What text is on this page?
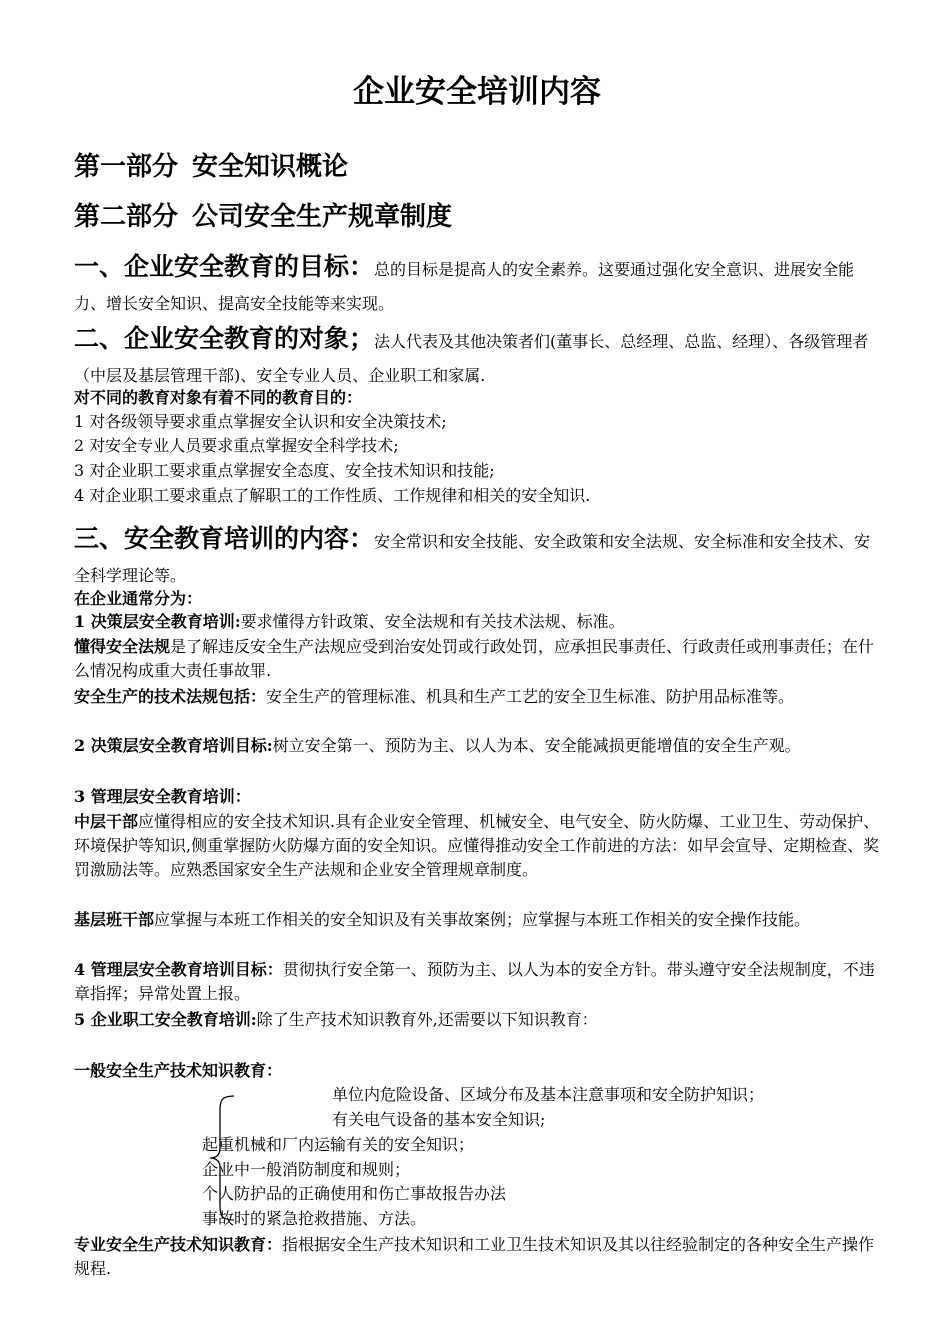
企业安全培训内容
第一部分 安全知识概论
第二部分 公司安全生产规章制度
一、企业安全教育的目标：总的目标是提高人的安全素养。这要通过强化安全意识、进展安全能力、增长安全知识、提高安全技能等来实现。
二、企业安全教育的对象；法人代表及其他决策者们(董事长、总经理、总监、经理）、各级管理者（中层及基层管理干部)、安全专业人员、企业职工和家属.
对不同的教育对象有着不同的教育目的：
1 对各级领导要求重点掌握安全认识和安全决策技术;
2 对安全专业人员要求重点掌握安全科学技术;
3 对企业职工要求重点掌握安全态度、安全技术知识和技能;
4 对企业职工要求重点了解职工的工作性质、工作规律和相关的安全知识.
三、安全教育培训的内容：安全常识和安全技能、安全政策和安全法规、安全标准和安全技术、安全科学理论等。
在企业通常分为：
1 决策层安全教育培训:要求懂得方针政策、安全法规和有关技术法规、标准。
懂得安全法规是了解违反安全生产法规应受到治安处罚或行政处罚，应承担民事责任、行政责任或刑事责任；在什么情况构成重大责任事故罪.
安全生产的技术法规包括：安全生产的管理标准、机具和生产工艺的安全卫生标准、防护用品标准等。
2 决策层安全教育培训目标:树立安全第一、预防为主、以人为本、安全能减损更能增值的安全生产观。
3 管理层安全教育培训：
中层干部应懂得相应的安全技术知识.具有企业安全管理、机械安全、电气安全、防火防爆、工业卫生、劳动保护、环境保护等知识,侧重掌握防火防爆方面的安全知识。应懂得推动安全工作前进的方法：如早会宣导、定期检查、奖罚激励法等。应熟悉国家安全生产法规和企业安全管理规章制度。
基层班干部应掌握与本班工作相关的安全知识及有关事故案例；应掌握与本班工作相关的安全操作技能。
4 管理层安全教育培训目标：贯彻执行安全第一、预防为主、以人为本的安全方针。带头遵守安全法规制度，不违章指挥；异常处置上报。
5 企业职工安全教育培训:除了生产技术知识教育外,还需要以下知识教育：
一般安全生产技术知识教育：
单位内危险设备、区域分布及基本注意事项和安全防护知识；
有关电气设备的基本安全知识;
起重机械和厂内运输有关的安全知识；
企业中一般消防制度和规则；
个人防护品的正确使用和伤亡事故报告办法
事故时的紧急抢救措施、方法。
专业安全生产技术知识教育：指根据安全生产技术知识和工业卫生技术知识及其以往经验制定的各种安全生产操作规程.
